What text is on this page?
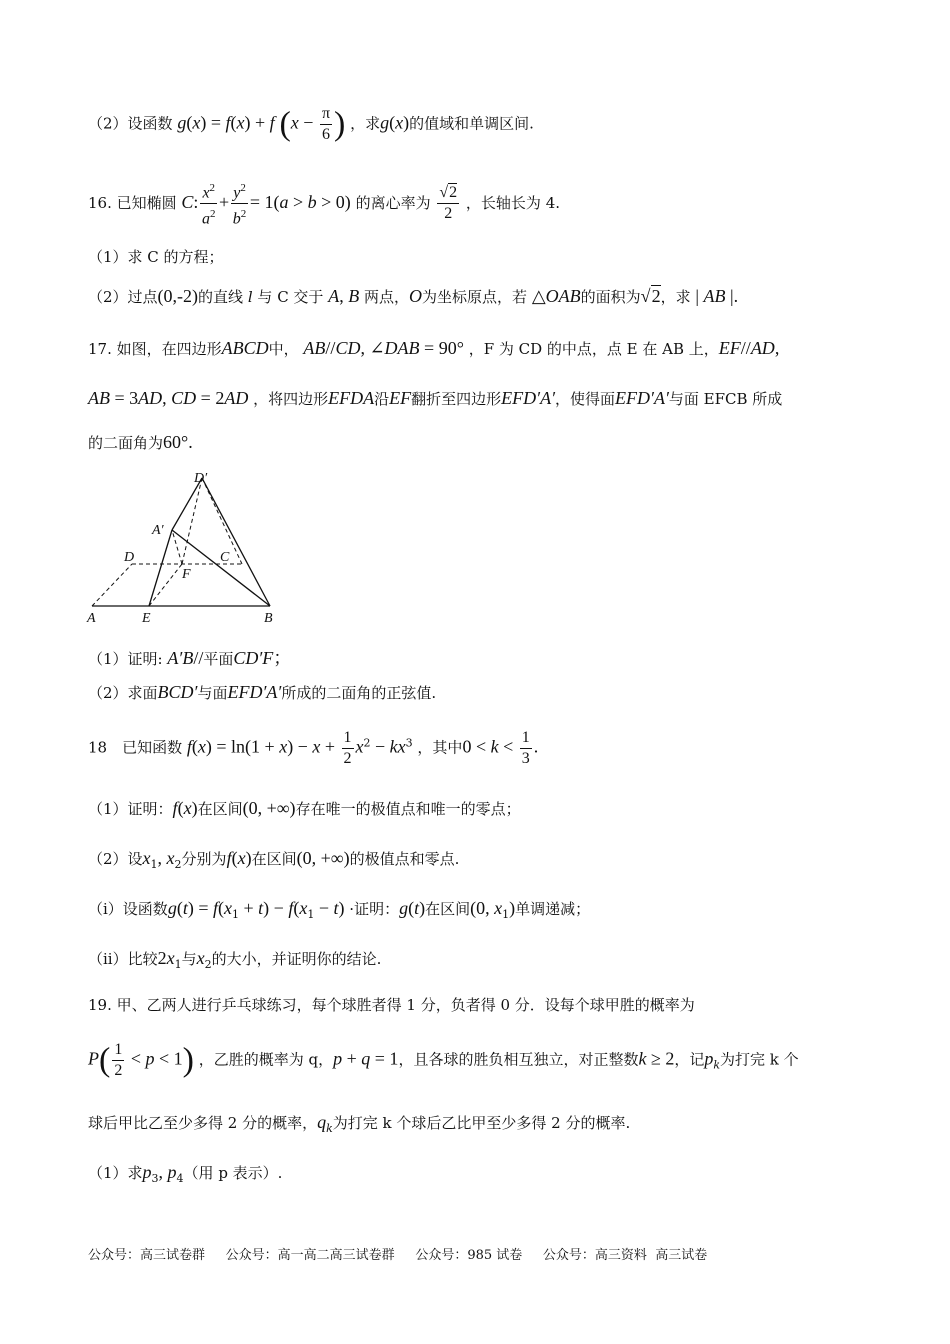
（2）设函数 g(x) = f(x) + f ($x - \frac{\pi}{6}$ ) ，求g(x)的值域和单调区间.
16. 已知椭圆 C: $\frac{x^2}{a^2} + \frac{y^2}{b^2} = 1(a > b > 0)$ 的离心率为 $\frac{√2}{2}$ ，长轴长为 4.
（1）求 C 的方程；
（2）过点(0,-2)的直线 l 与 C 交于 A, B 两点，O为坐标原点，若 △OAB的面积为√2，求 | AB |.
17. 如图，在四边形ABCD中， AB//CD, ∠DAB = 90° ，F 为 CD 的中点，点 E 在 AB 上，EF//AD,
AB = 3AD, CD = 2AD ，将四边形EFDA沿EF翻折至四边形EFD′A′，使得面EFD′A′与面 EFCB 所成
的二面角为60°.
D′
A′
D	C
F
A	E	B
（1）证明: A′B//平面CD′F；
（2）求面BCD′与面EFD′A′所成的二面角的正弦值.
18　已知函数 $f(x) = \ln(1 + x) - x + \frac{1}{2} x^2 - kx^3$ ，其中$0 < k < \frac{1}{3}$ .
（1）证明：f(x)在区间(0, +∞)存在唯一的极值点和唯一的零点；
（2）设$x_1$, $x_2$分别为f(x)在区间(0, +∞)的极值点和零点.
（i）设函数$g(t) = f(x_1 + t) - f(x_1 - t)$ ·证明：g(t)在区间(0, $x_1$)单调递减；
（ii）比较$2x_1$与$x_2$的大小，并证明你的结论.
19. 甲、乙两人进行乒乓球练习，每个球胜者得 1 分，负者得 0 分．设每个球甲胜的概率为
$P( \frac{1}{2} < p < 1)$ ，乙胜的概率为 q，p + q = 1，且各球的胜负相互独立，对正整数k ≥ 2，记$p_k$为打完 k 个
球后甲比乙至少多得 2 分的概率，$q_k$为打完 k 个球后乙比甲至少多得 2 分的概率.
（1）求$p_3$, $p_4$（用 p 表示）.
公众号：高三试卷群     公众号：高一高二高三试卷群     公众号：985 试卷     公众号：高三资料  高三试卷
